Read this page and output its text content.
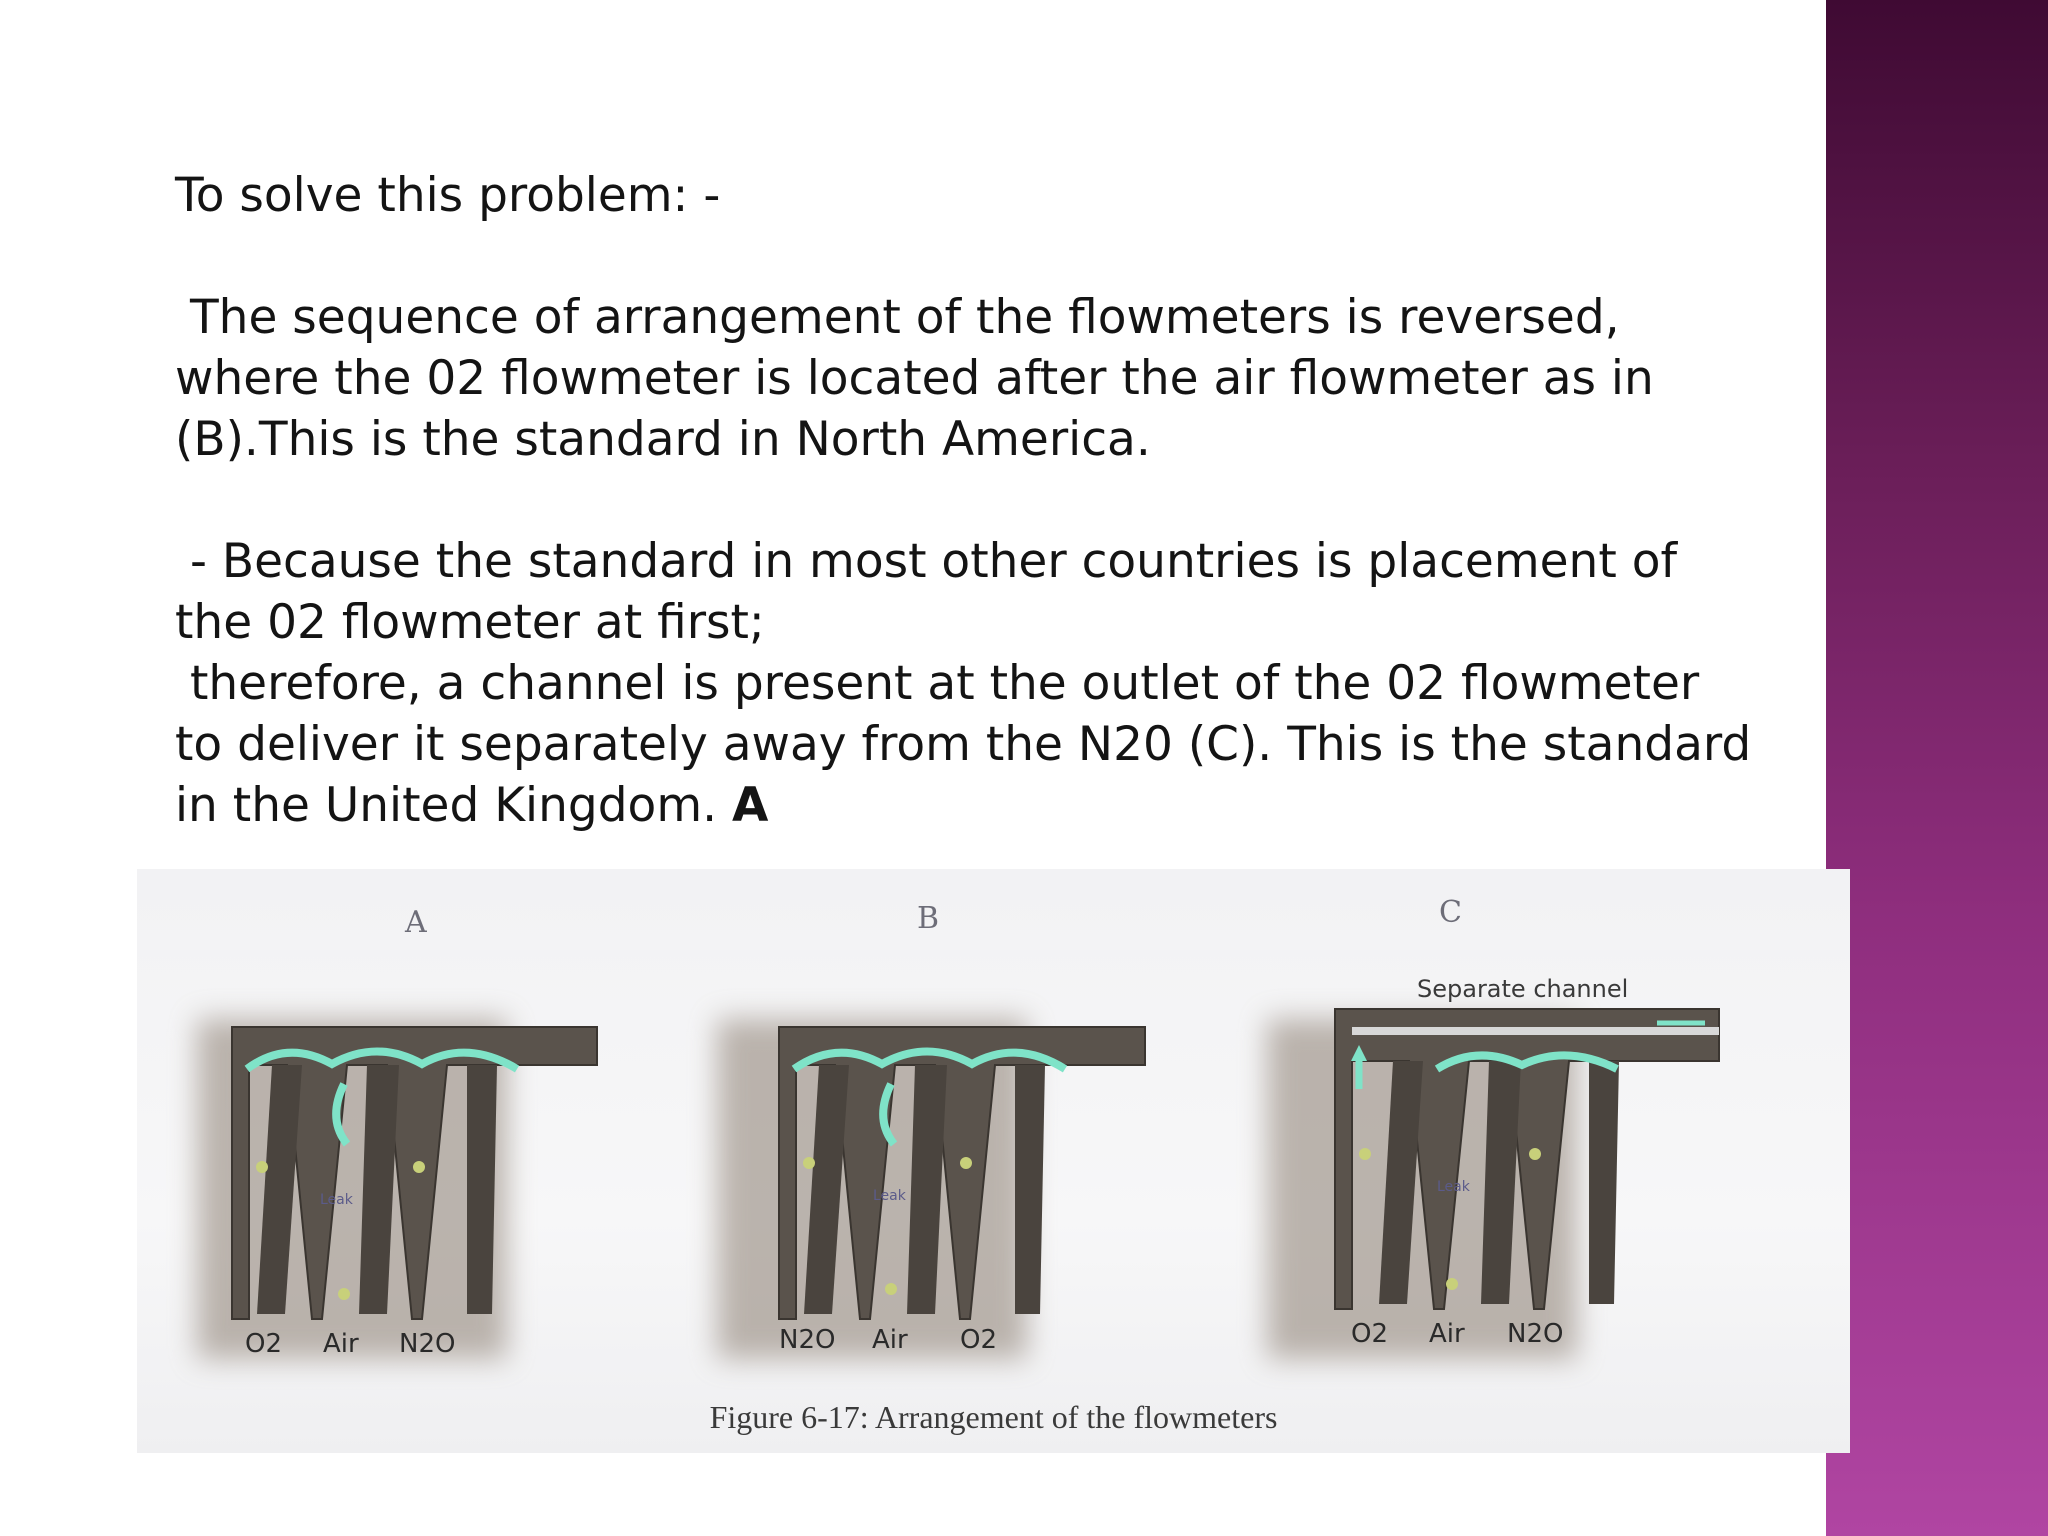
To solve this problem: -

The sequence of arrangement of the flowmeters is reversed,

where the 02 flowmeter is located after the air flowmeter as in

(B).This is the standard in North America.

- Because the standard in most other countries is placement of

the 02 flowmeter at first;

therefore, a channel is present at the outlet of the 02 flowmeter

to deliver it separately away from the N20 (C). This is the standard

in the United Kingdom. A

A	B	C
Separate channel
Leak	Leak
Leak
O2 Air N2O	N2O Air O2	O2 Air N2O
Figure 6-17: Arrangement of the flowmeters
